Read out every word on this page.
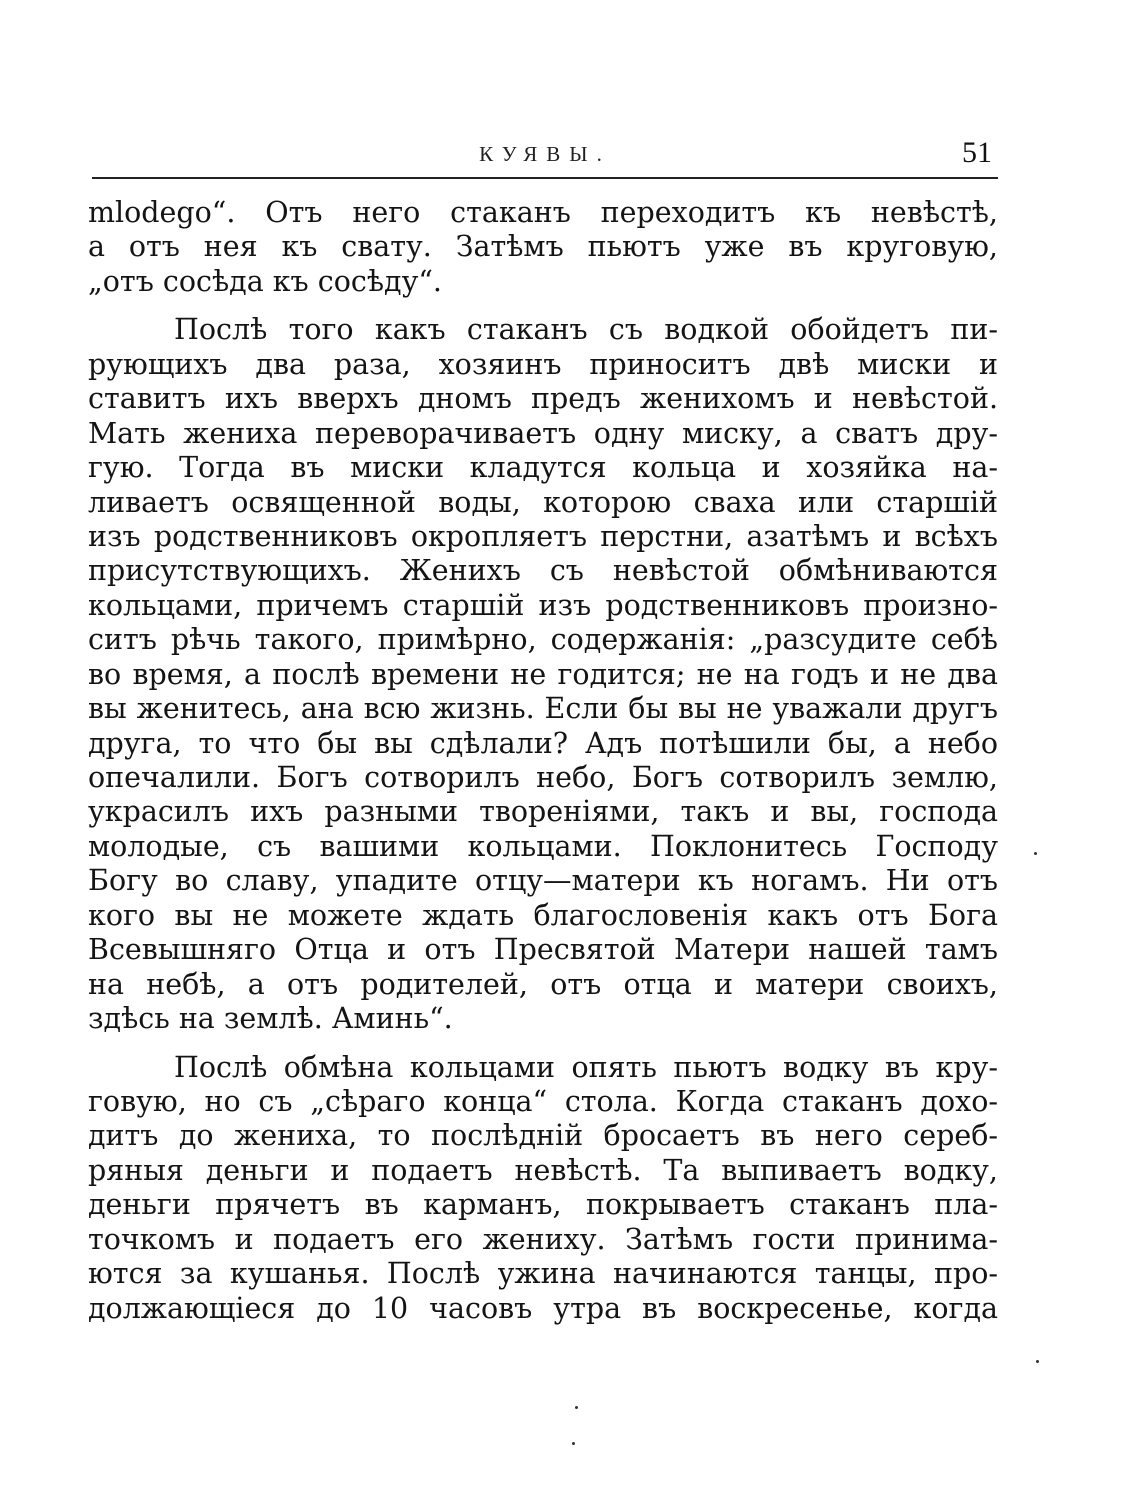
КУЯВЫ.	51
mlodego“. Отъ него стаканъ переходитъ къ невѣстѣ,
а отъ нея къ свату. Затѣмъ пьютъ уже въ круговую,
„отъ сосѣда къ сосѣду“.
Послѣ того какъ стаканъ съ водкой обойдетъ пи-
рующихъ два раза, хозяинъ приноситъ двѣ миски и
ставитъ ихъ вверхъ дномъ предъ женихомъ и невѣстой.
Мать жениха переворачиваетъ одну миску, а сватъ дру-
гую. Тогда въ миски кладутся кольца и хозяйка на-
ливаетъ освященной воды, которою сваха или старшій
изъ родственниковъ окропляетъ перстни, азатѣмъ и всѣхъ
присутствующихъ. Женихъ съ невѣстой обмѣниваются
кольцами, причемъ старшій изъ родственниковъ произно-
ситъ рѣчь такого, примѣрно, содержанія: „разсудите себѣ
во время, а послѣ времени не годится; не на годъ и не два
вы женитесь, ана всю жизнь. Если бы вы не уважали другъ
друга, то что бы вы сдѣлали? Адъ потѣшили бы, а небо
опечалили. Богъ сотворилъ небо, Богъ сотворилъ землю,
украсилъ ихъ разными твореніями, такъ и вы, господа
молодые, съ вашими кольцами. Поклонитесь Господу
Богу во славу, упадите отцу—матери къ ногамъ. Ни отъ
кого вы не можете ждать благословенія какъ отъ Бога
Всевышняго Отца и отъ Пресвятой Матери нашей тамъ
на небѣ, а отъ родителей, отъ отца и матери своихъ,
здѣсь на землѣ. Аминь“.
Послѣ обмѣна кольцами опять пьютъ водку въ кру-
говую, но съ „сѣраго конца“ стола. Когда стаканъ дохо-
дитъ до жениха, то послѣдній бросаетъ въ него сереб-
ряныя деньги и подаетъ невѣстѣ. Та выпиваетъ водку,
деньги прячетъ въ карманъ, покрываетъ стаканъ пла-
точкомъ и подаетъ его жениху. Затѣмъ гости принима-
ются за кушанья. Послѣ ужина начинаются танцы, про-
должающіеся до 10 часовъ утра въ воскресенье, когда
